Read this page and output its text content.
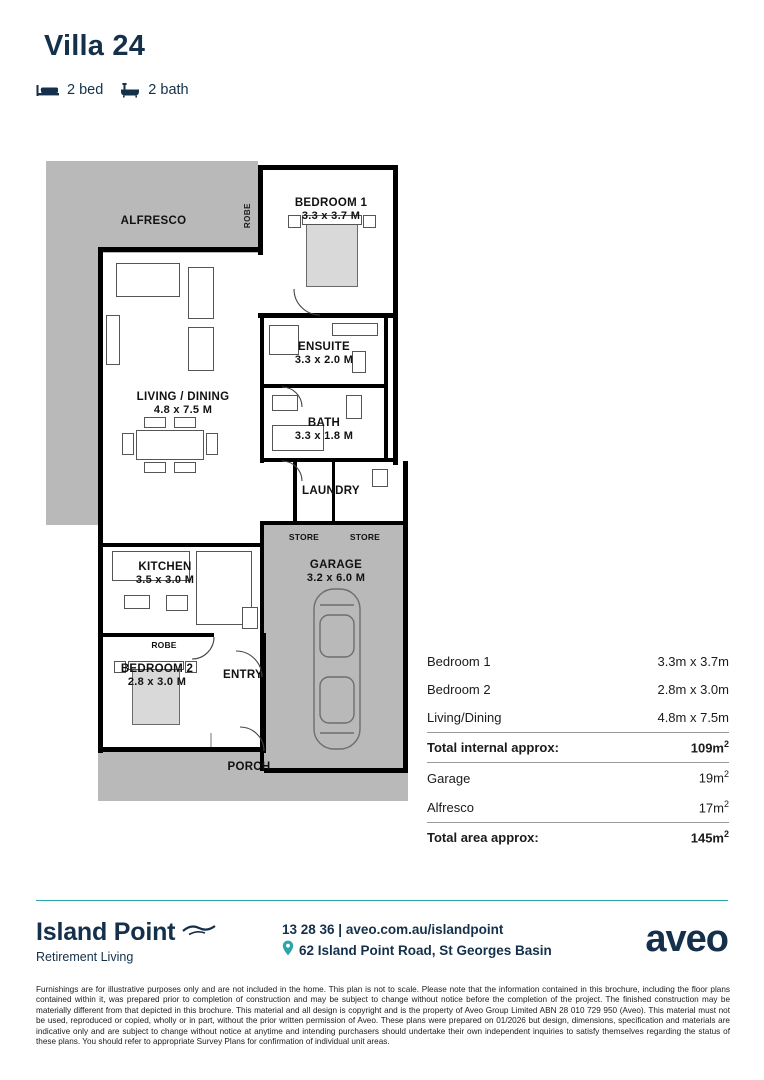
Villa 24
2 bed	2 bath
ALFRESCO
BEDROOM 1
3.3 x 3.7 M
ROBE
ENSUITE
3.3 x 2.0 M
BATH
3.3 x 1.8 M
LIVING / DINING
4.8 x 7.5 M
LAUNDRY
STORE	STORE
GARAGE
3.2 x 6.0 M
KITCHEN
3.5 x 3.0 M
ROBE
BEDROOM 2
2.8 x 3.0 M
ENTRY
PORCH
Bedroom 1	3.3m x 3.7m
Bedroom 2	2.8m x 3.0m
Living/Dining	4.8m x 7.5m
Total internal approx:	$109m^2$
Garage	$19m^2$
Alfresco	$17m^2$
Total area approx:	$145m^2$
Island Point
Retirement Living
13 28 36 | aveo.com.au/islandpoint
62 Island Point Road, St Georges Basin aveo
Furnishings are for illustrative purposes only and are not included in the home. This plan is not to scale. Please note that the information contained in this brochure, including the floor plans contained within it, was prepared prior to completion of construction and may be subject to change without notice before the completion of the project. The finished construction may be materially different from that depicted in this brochure. This material and all design is copyright and is the property of Aveo Group Limited ABN 28 010 729 950 (Aveo). This material must not be used, reproduced or copied, wholly or in part, without the prior written permission of Aveo. These plans were prepared on 01/2026 but design, dimensions, specification and materials are indicative only and are subject to change without notice at anytime and intending purchasers should undertake their own independent inquiries to satisfy themselves regarding the status of these plans. You should refer to appropriate Survey Plans for confirmation of individual unit areas.
